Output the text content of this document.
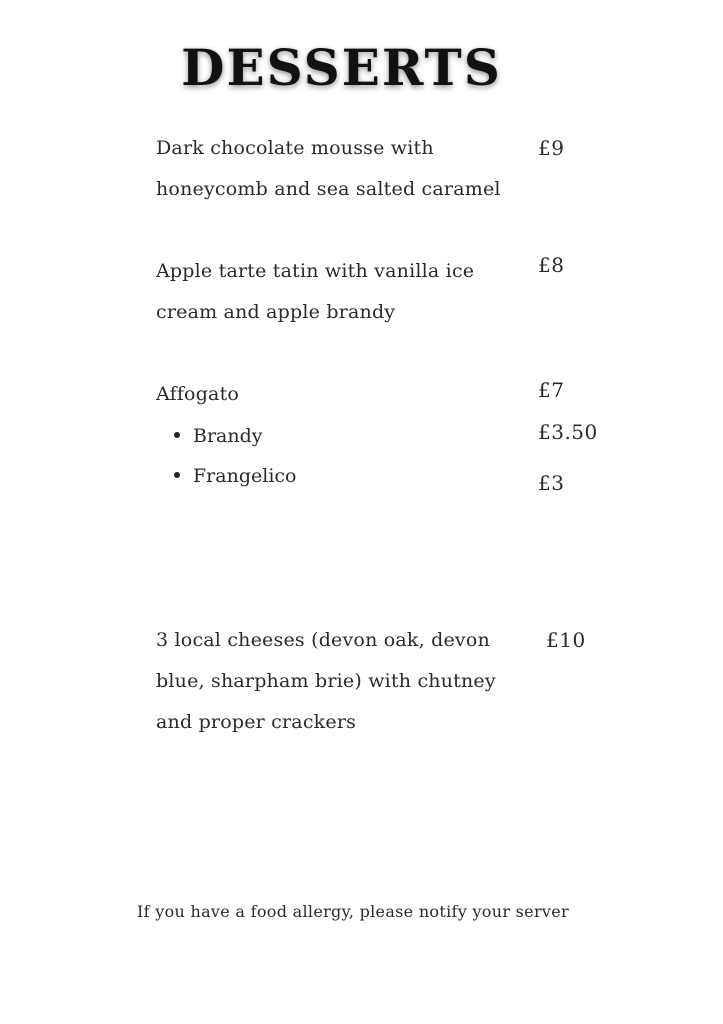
DESSERTS
Dark chocolate mousse with
honeycomb and sea salted caramel
£9
Apple tarte tatin with vanilla ice
cream and apple brandy
£8
Affogato	£7
Brandy	£3.50
Frangelico	£3
3 local cheeses (devon oak, devon
blue, sharpham brie) with chutney
and proper crackers
£10
If you have a food allergy, please notify your server
